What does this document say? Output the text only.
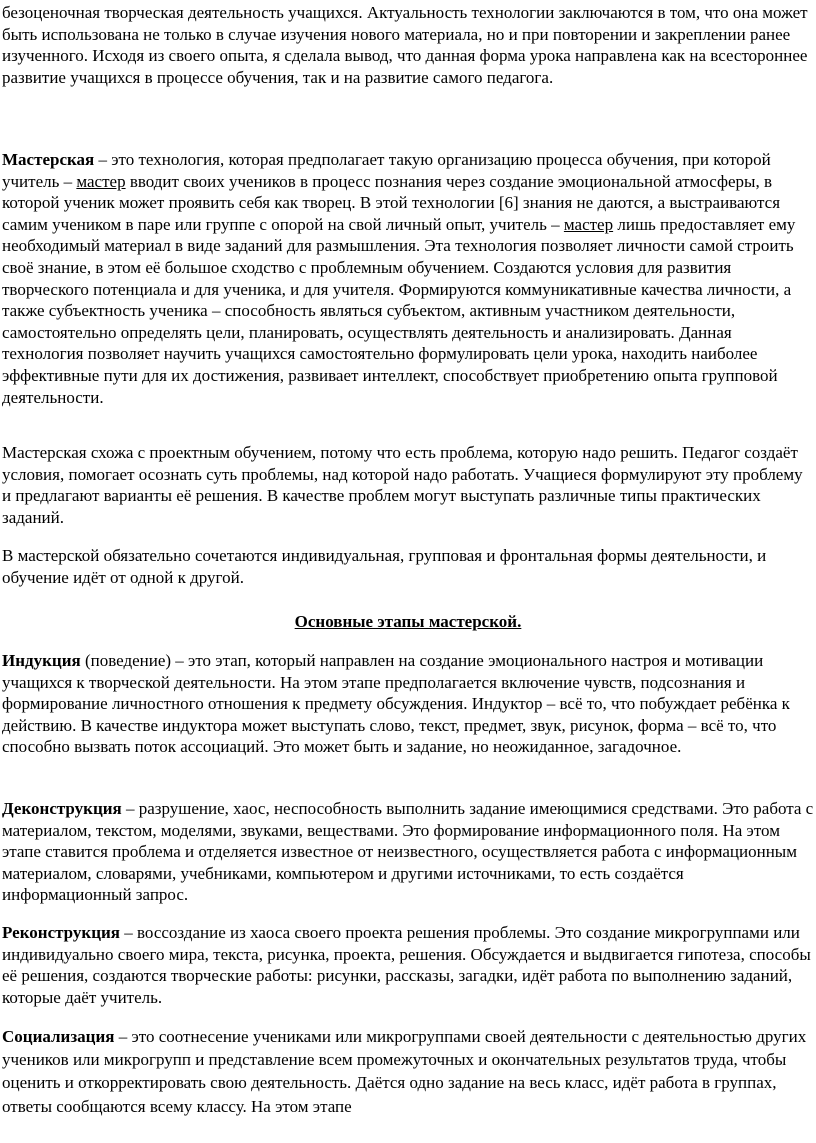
безоценочная творческая деятельность учащихся. Актуальность технологии заключаются в том, что она может быть использована не только в случае изучения нового материала, но и при повторении и закреплении ранее изученного. Исходя из своего опыта, я сделала вывод, что данная форма урока направлена как на всестороннее развитие учащихся в процессе обучения, так и на развитие самого педагога.

Мастерская – это технология, которая предполагает такую организацию процесса обучения, при которой учитель – мастер вводит своих учеников в процесс познания через создание эмоциональной атмосферы, в которой ученик может проявить себя как творец. В этой технологии [6] знания не даются, а выстраиваются самим учеником в паре или группе с опорой на свой личный опыт, учитель – мастер лишь предоставляет ему необходимый материал в виде заданий для размышления. Эта технология позволяет личности самой строить своё знание, в этом её большое сходство с проблемным обучением. Создаются условия для развития творческого потенциала и для ученика, и для учителя. Формируются коммуникативные качества личности, а также субъектность ученика – способность являться субъектом, активным участником деятельности, самостоятельно определять цели, планировать, осуществлять деятельность и анализировать. Данная технология позволяет научить учащихся самостоятельно формулировать цели урока, находить наиболее эффективные пути для их достижения, развивает интеллект, способствует приобретению опыта групповой деятельности.

Мастерская схожа с проектным обучением, потому что есть проблема, которую надо решить. Педагог создаёт условия, помогает осознать суть проблемы, над которой надо работать. Учащиеся формулируют эту проблему и предлагают варианты её решения. В качестве проблем могут выступать различные типы практических заданий.

В мастерской обязательно сочетаются индивидуальная, групповая и фронтальная формы деятельности, и обучение идёт от одной к другой.

Основные этапы мастерской.

Индукция (поведение) – это этап, который направлен на создание эмоционального настроя и мотивации учащихся к творческой деятельности. На этом этапе предполагается включение чувств, подсознания и формирование личностного отношения к предмету обсуждения. Индуктор – всё то, что побуждает ребёнка к действию. В качестве индуктора может выступать слово, текст, предмет, звук, рисунок, форма – всё то, что способно вызвать поток ассоциаций. Это может быть и задание, но неожиданное, загадочное.

Деконструкция – разрушение, хаос, неспособность выполнить задание имеющимися средствами. Это работа с материалом, текстом, моделями, звуками, веществами. Это формирование информационного поля. На этом этапе ставится проблема и отделяется известное от неизвестного, осуществляется работа с информационным материалом, словарями, учебниками, компьютером и другими источниками, то есть создаётся информационный запрос.

Реконструкция – воссоздание из хаоса своего проекта решения проблемы. Это создание микрогруппами или индивидуально своего мира, текста, рисунка, проекта, решения. Обсуждается и выдвигается гипотеза, способы её решения, создаются творческие работы: рисунки, рассказы, загадки, идёт работа по выполнению заданий, которые даёт учитель.

Социализация – это соотнесение учениками или микрогруппами своей деятельности с деятельностью других учеников или микрогрупп и представление всем промежуточных и окончательных результатов труда, чтобы оценить и откорректировать свою деятельность. Даётся одно задание на весь класс, идёт работа в группах, ответы сообщаются всему классу. На этом этапе
